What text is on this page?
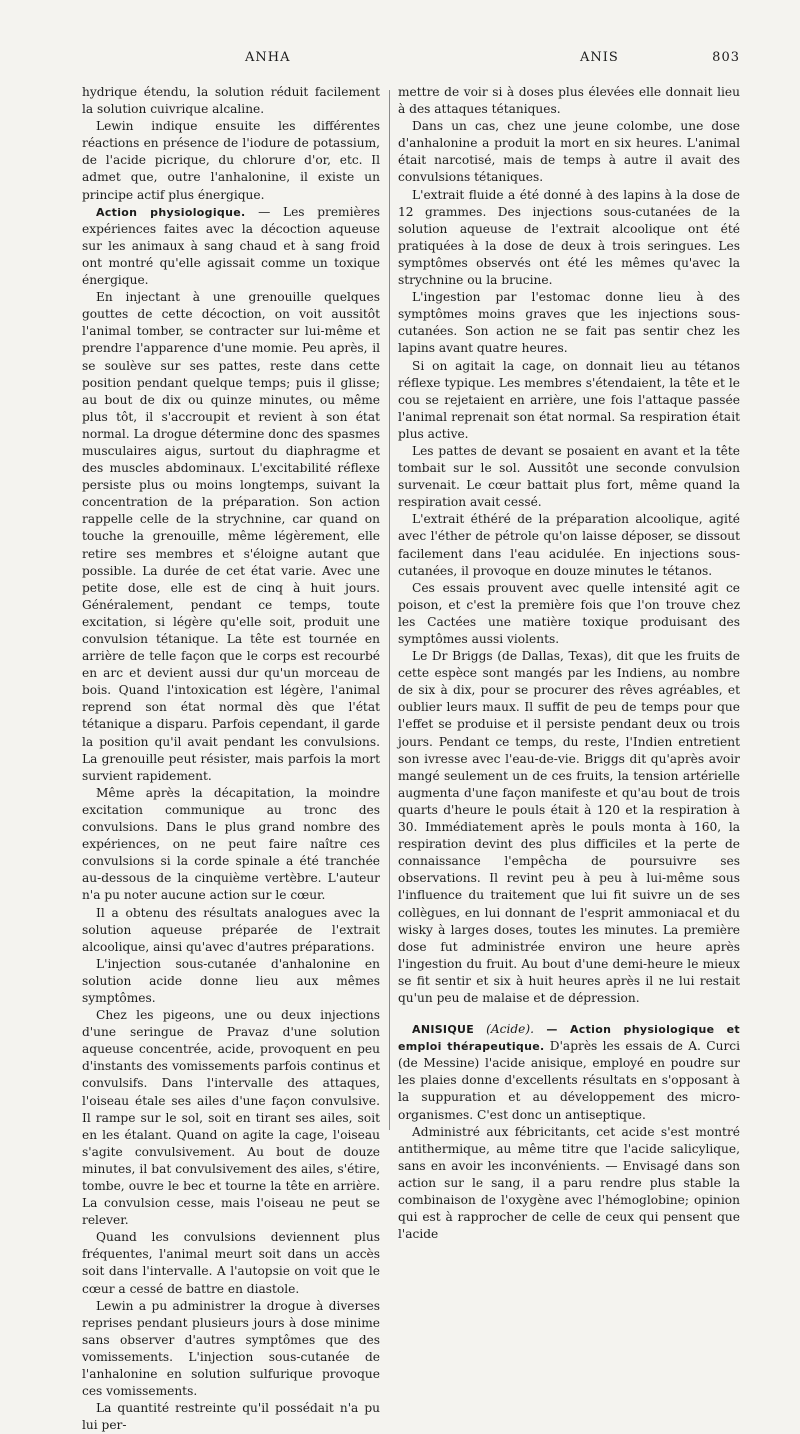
ANHA	ANIS	803

hydrique étendu, la solution réduit facilement la solution cuivrique alcaline.

Lewin indique ensuite les différentes réactions en présence de l'iodure de potassium, de l'acide picrique, du chlorure d'or, etc. Il admet que, outre l'anhalonine, il existe un principe actif plus énergique.

Action physiologique. — Les premières expériences faites avec la décoction aqueuse sur les animaux à sang chaud et à sang froid ont montré qu'elle agissait comme un toxique énergique.

En injectant à une grenouille quelques gouttes de cette décoction, on voit aussitôt l'animal tomber, se contracter sur lui-même et prendre l'apparence d'une momie. Peu après, il se soulève sur ses pattes, reste dans cette position pendant quelque temps; puis il glisse; au bout de dix ou quinze minutes, ou même plus tôt, il s'accroupit et revient à son état normal. La drogue détermine donc des spasmes musculaires aigus, surtout du diaphragme et des muscles abdominaux. L'excitabilité réflexe persiste plus ou moins longtemps, suivant la concentration de la préparation. Son action rappelle celle de la strychnine, car quand on touche la grenouille, même légèrement, elle retire ses membres et s'éloigne autant que possible. La durée de cet état varie. Avec une petite dose, elle est de cinq à huit jours. Généralement, pendant ce temps, toute excitation, si légère qu'elle soit, produit une convulsion tétanique. La tête est tournée en arrière de telle façon que le corps est recourbé en arc et devient aussi dur qu'un morceau de bois. Quand l'intoxication est légère, l'animal reprend son état normal dès que l'état tétanique a disparu. Parfois cependant, il garde la position qu'il avait pendant les convulsions. La grenouille peut résister, mais parfois la mort survient rapidement.

Même après la décapitation, la moindre excitation communique au tronc des convulsions. Dans le plus grand nombre des expériences, on ne peut faire naître ces convulsions si la corde spinale a été tranchée au-dessous de la cinquième vertèbre. L'auteur n'a pu noter aucune action sur le cœur.

Il a obtenu des résultats analogues avec la solution aqueuse préparée de l'extrait alcoolique, ainsi qu'avec d'autres préparations.

L'injection sous-cutanée d'anhalonine en solution acide donne lieu aux mêmes symptômes.

Chez les pigeons, une ou deux injections d'une seringue de Pravaz d'une solution aqueuse concentrée, acide, provoquent en peu d'instants des vomissements parfois continus et convulsifs. Dans l'intervalle des attaques, l'oiseau étale ses ailes d'une façon convulsive. Il rampe sur le sol, soit en tirant ses ailes, soit en les étalant. Quand on agite la cage, l'oiseau s'agite convulsivement. Au bout de douze minutes, il bat convulsivement des ailes, s'étire, tombe, ouvre le bec et tourne la tête en arrière. La convulsion cesse, mais l'oiseau ne peut se relever.

Quand les convulsions deviennent plus fréquentes, l'animal meurt soit dans un accès soit dans l'intervalle. A l'autopsie on voit que le cœur a cessé de battre en diastole.

Lewin a pu administrer la drogue à diverses reprises pendant plusieurs jours à dose minime sans observer d'autres symptômes que des vomissements. L'injection sous-cutanée de l'anhalonine en solution sulfurique provoque ces vomissements.

La quantité restreinte qu'il possédait n'a pu lui per-

mettre de voir si à doses plus élevées elle donnait lieu à des attaques tétaniques.

Dans un cas, chez une jeune colombe, une dose d'anhalonine a produit la mort en six heures. L'animal était narcotisé, mais de temps à autre il avait des convulsions tétaniques.

L'extrait fluide a été donné à des lapins à la dose de 12 grammes. Des injections sous-cutanées de la solution aqueuse de l'extrait alcoolique ont été pratiquées à la dose de deux à trois seringues. Les symptômes observés ont été les mêmes qu'avec la strychnine ou la brucine.

L'ingestion par l'estomac donne lieu à des symptômes moins graves que les injections sous-cutanées. Son action ne se fait pas sentir chez les lapins avant quatre heures.

Si on agitait la cage, on donnait lieu au tétanos réflexe typique. Les membres s'étendaient, la tête et le cou se rejetaient en arrière, une fois l'attaque passée l'animal reprenait son état normal. Sa respiration était plus active.

Les pattes de devant se posaient en avant et la tête tombait sur le sol. Aussitôt une seconde convulsion survenait. Le cœur battait plus fort, même quand la respiration avait cessé.

L'extrait éthéré de la préparation alcoolique, agité avec l'éther de pétrole qu'on laisse déposer, se dissout facilement dans l'eau acidulée. En injections sous-cutanées, il provoque en douze minutes le tétanos.

Ces essais prouvent avec quelle intensité agit ce poison, et c'est la première fois que l'on trouve chez les Cactées une matière toxique produisant des symptômes aussi violents.

Le Dr Briggs (de Dallas, Texas), dit que les fruits de cette espèce sont mangés par les Indiens, au nombre de six à dix, pour se procurer des rêves agréables, et oublier leurs maux. Il suffit de peu de temps pour que l'effet se produise et il persiste pendant deux ou trois jours. Pendant ce temps, du reste, l'Indien entretient son ivresse avec l'eau-de-vie. Briggs dit qu'après avoir mangé seulement un de ces fruits, la tension artérielle augmenta d'une façon manifeste et qu'au bout de trois quarts d'heure le pouls était à 120 et la respiration à 30. Immédiatement après le pouls monta à 160, la respiration devint des plus difficiles et la perte de connaissance l'empêcha de poursuivre ses observations. Il revint peu à peu à lui-même sous l'influence du traitement que lui fit suivre un de ses collègues, en lui donnant de l'esprit ammoniacal et du wisky à larges doses, toutes les minutes. La première dose fut administrée environ une heure après l'ingestion du fruit. Au bout d'une demi-heure le mieux se fit sentir et six à huit heures après il ne lui restait qu'un peu de malaise et de dépression.

ANISIQUE (Acide). — Action physiologique et emploi thérapeutique. D'après les essais de A. Curci (de Messine) l'acide anisique, employé en poudre sur les plaies donne d'excellents résultats en s'opposant à la suppuration et au développement des micro-organismes. C'est donc un antiseptique.

Administré aux fébricitants, cet acide s'est montré antithermique, au même titre que l'acide salicylique, sans en avoir les inconvénients. — Envisagé dans son action sur le sang, il a paru rendre plus stable la combinaison de l'oxygène avec l'hémoglobine; opinion qui est à rapprocher de celle de ceux qui pensent que l'acide
